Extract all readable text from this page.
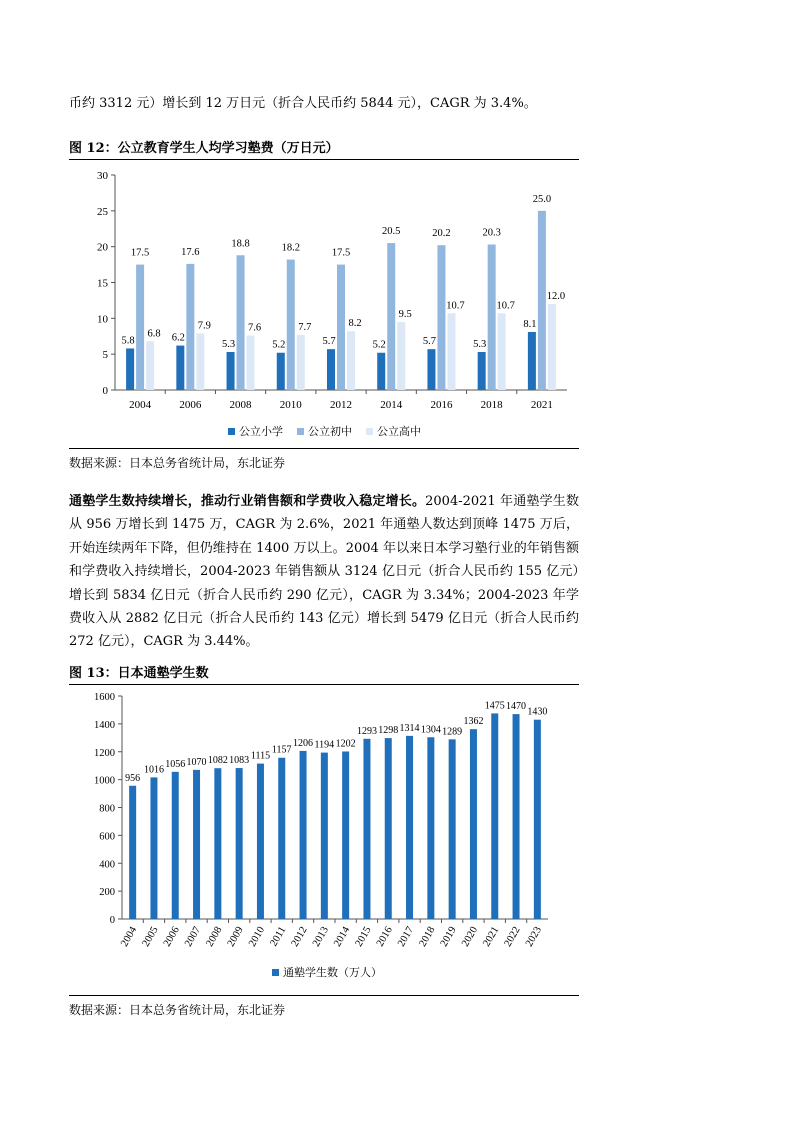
币约 3312 元）增长到 12 万日元（折合人民币约 5844 元），CAGR 为 3.4%。

图 12：公立教育学生人均学习塾费（万日元）
0
5
10
15
20
25
30
2004
5.8
17.5
6.8
2006
6.2
17.6
7.9
2008
5.3
18.8
7.6
2010
5.2
18.2
7.7
2012
5.7
17.5
8.2
2014
5.2
20.5
9.5
2016
5.7
20.2
10.7
2018
5.3
20.3
10.7
2021
8.1
25.0
12.0
公立小学 公立初中 公立高中
数据来源：日本总务省统计局，东北证券

通塾学生数持续增长，推动行业销售额和学费收入稳定增长。2004-2021 年通塾学生数从 956 万增长到 1475 万，CAGR 为 2.6%，2021 年通塾人数达到顶峰 1475 万后，开始连续两年下降，但仍维持在 1400 万以上。2004 年以来日本学习塾行业的年销售额和学费收入持续增长，2004-2023 年销售额从 3124 亿日元（折合人民币约 155 亿元）增长到 5834 亿日元（折合人民币约 290 亿元），CAGR 为 3.34%；2004-2023 年学费收入从 2882 亿日元（折合人民币约 143 亿元）增长到 5479 亿日元（折合人民币约 272 亿元），CAGR 为 3.44%。

图 13：日本通塾学生数
0
200
400
600
800
1000
1200
1400
1600
2004
956
2005
1016
2006
1056
2007
1070
2008
1082
2009
1083
2010
1115
2011
1157
2012
1206
2013
1194
2014
1202
2015
1293
2016
1298
2017
1314
2018
1304
2019
1289
2020
1362
2021
1475
2022
1470
2023
1430
通塾学生数（万人）
数据来源：日本总务省统计局，东北证券
